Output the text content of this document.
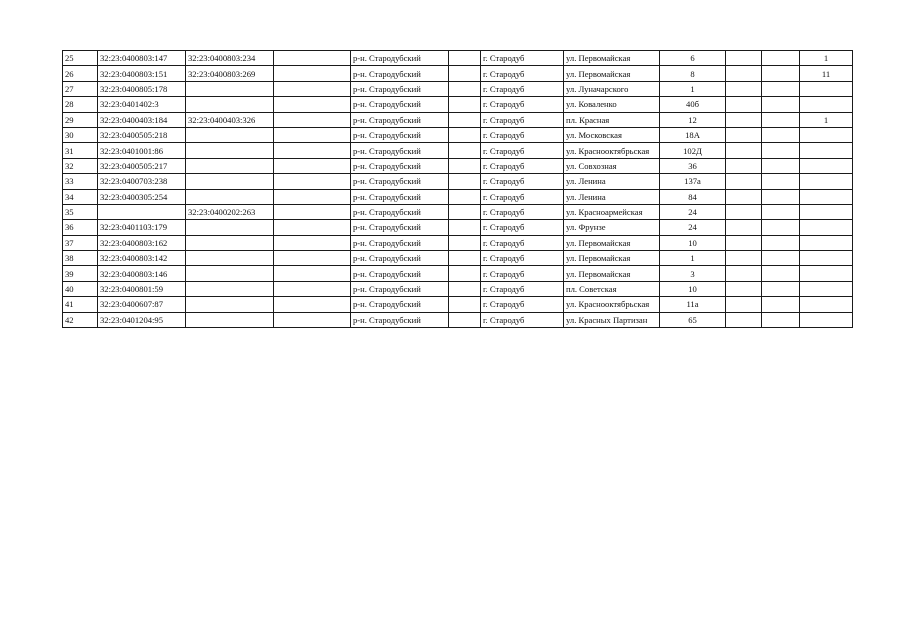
25	32:23:0400803:147	32:23:0400803:234		р-н. Стародубский		г. Стародуб	ул. Первомайская	6			1
26	32:23:0400803:151	32:23:0400803:269		р-н. Стародубский		г. Стародуб	ул. Первомайская	8			11
27	32:23:0400805:178			р-н. Стародубский		г. Стародуб	ул. Луначарского	1			
28	32:23:0401402:3			р-н. Стародубский		г. Стародуб	ул. Коваленко	40б			
29	32:23:0400403:184	32:23:0400403:326		р-н. Стародубский		г. Стародуб	пл. Красная	12			1
30	32:23:0400505:218			р-н. Стародубский		г. Стародуб	ул. Московская	18А			
31	32:23:0401001:86			р-н. Стародубский		г. Стародуб	ул. Краснооктябрьская	102Д			
32	32:23:0400505:217			р-н. Стародубский		г. Стародуб	ул. Совхозная	36			
33	32:23:0400703:238			р-н. Стародубский		г. Стародуб	ул. Ленина	137а			
34	32:23:0400305:254			р-н. Стародубский		г. Стародуб	ул. Ленина	84			
35		32:23:0400202:263		р-н. Стародубский		г. Стародуб	ул. Красноармейская	24			
36	32:23:0401103:179			р-н. Стародубский		г. Стародуб	ул. Фрунзе	24			
37	32:23:0400803:162			р-н. Стародубский		г. Стародуб	ул. Первомайская	10			
38	32:23:0400803:142			р-н. Стародубский		г. Стародуб	ул. Первомайская	1			
39	32:23:0400803:146			р-н. Стародубский		г. Стародуб	ул. Первомайская	3			
40	32:23:0400801:59			р-н. Стародубский		г. Стародуб	пл. Советская	10			
41	32:23:0400607:87			р-н. Стародубский		г. Стародуб	ул. Краснооктябрьская	11а			
42	32:23:0401204:95			р-н. Стародубский		г. Стародуб	ул. Красных Партизан	65			
